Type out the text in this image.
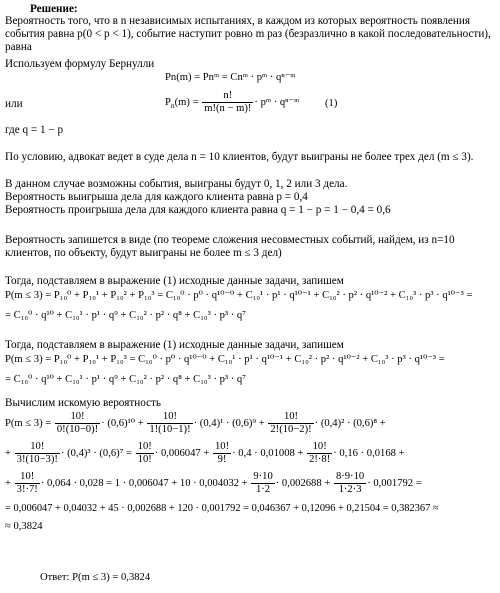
Решение:
Вероятность того, что в n независимых испытаниях, в каждом из которых вероятность появления события равна p(0 < p < 1), событие наступит ровно m раз (безразлично в какой последовательности), равна
Используем формулу Бернулли
Pn(m) = Pnᵐ = Cnᵐ · pᵐ · qⁿ⁻ᵐ
или	$P_n(m) = \frac{n!}{m!(n - m)!}$ · pᵐ · qⁿ⁻ᵐ (1)
где q = 1 − p
По условию, адвокат ведет в суде дела n = 10 клиентов, будут выиграны не более трех дел (m ≤ 3).
В данном случае возможны события, выиграны будут 0, 1, 2 или 3 дела.
Вероятность выигрыша дела для каждого клиента равна p = 0,4
Вероятность проигрыша дела для каждого клиента равна q = 1 − p = 1 − 0,4 = 0,6
Вероятность запишется в виде (по теореме сложения несовместных событий, найдем, из n=10 клиентов, по объекту, будут выиграны не более m ≤ 3 дел)
Тогда, подставляем в выражение (1) исходные данные задачи, запишем
P(m ≤ 3) = P₁₀⁰ + P₁₀¹ + P₁₀² + P₁₀³ = C₁₀⁰ · p⁰ · q¹⁰⁻⁰ + C₁₀¹ · p¹ · q¹⁰⁻¹ + C₁₀² · p² · q¹⁰⁻² + C₁₀³ · p³ · q¹⁰⁻³ =
= C₁₀⁰ · q¹⁰ + C₁₀¹ · p¹ · q⁹ + C₁₀² · p² · q⁸ + C₁₀³ · p³ · q⁷
Тогда, подставляем в выражение (1) исходные данные задачи, запишем
P(m ≤ 3) = P₁₀⁰ + P₁₀¹ + P₁₀³ = C₁₀⁰ · p⁰ · q¹⁰⁻⁰ + C₁₀¹ · p¹ · q¹⁰⁻¹ + C₁₀² · p² · q¹⁰⁻² + C₁₀³ · p³ · q¹⁰⁻³ =
= C₁₀⁰ · q¹⁰ + C₁₀¹ · p¹ · q⁹ + C₁₀² · p² · q⁸ + C₁₀³ · p³ · q⁷
Вычислим искомую вероятность
$P(m \le 3) = \frac{10!}{0!(10-0)!} \cdot (0,6)^{10} + \frac{10!}{1!(10-1)!} \cdot (0,4)^1 \cdot (0,6)^9 + \frac{10!}{2!(10-2)!} \cdot (0,4)^2 \cdot (0,6)^8$ +
+ $\frac{10!}{3!(10-3)!} \cdot (0,4)^3 \cdot (0,6)^7 = \frac{10!}{10!} \cdot 0,006047 + \frac{10!}{9!} \cdot 0,4 \cdot 0,01008 + \frac{10!}{2!\cdot 8!} \cdot 0,16 \cdot 0,0168$ +
+ $\frac{10!}{3!\cdot 7!} \cdot 0,064 \cdot 0,028 = 1 \cdot 0,006047 + 10 \cdot 0,004032 + \frac{9\cdot 10}{1\cdot 2} \cdot 0,002688 + \frac{8\cdot 9\cdot 10}{1\cdot 2\cdot 3} \cdot 0,001792$ =
= 0,006047 + 0,04032 + 45 · 0,002688 + 120 · 0,001792 = 0,046367 + 0,12096 + 0,21504 = 0,382367 ≈
≈ 0,3824
Ответ: P(m ≤ 3) = 0,3824
